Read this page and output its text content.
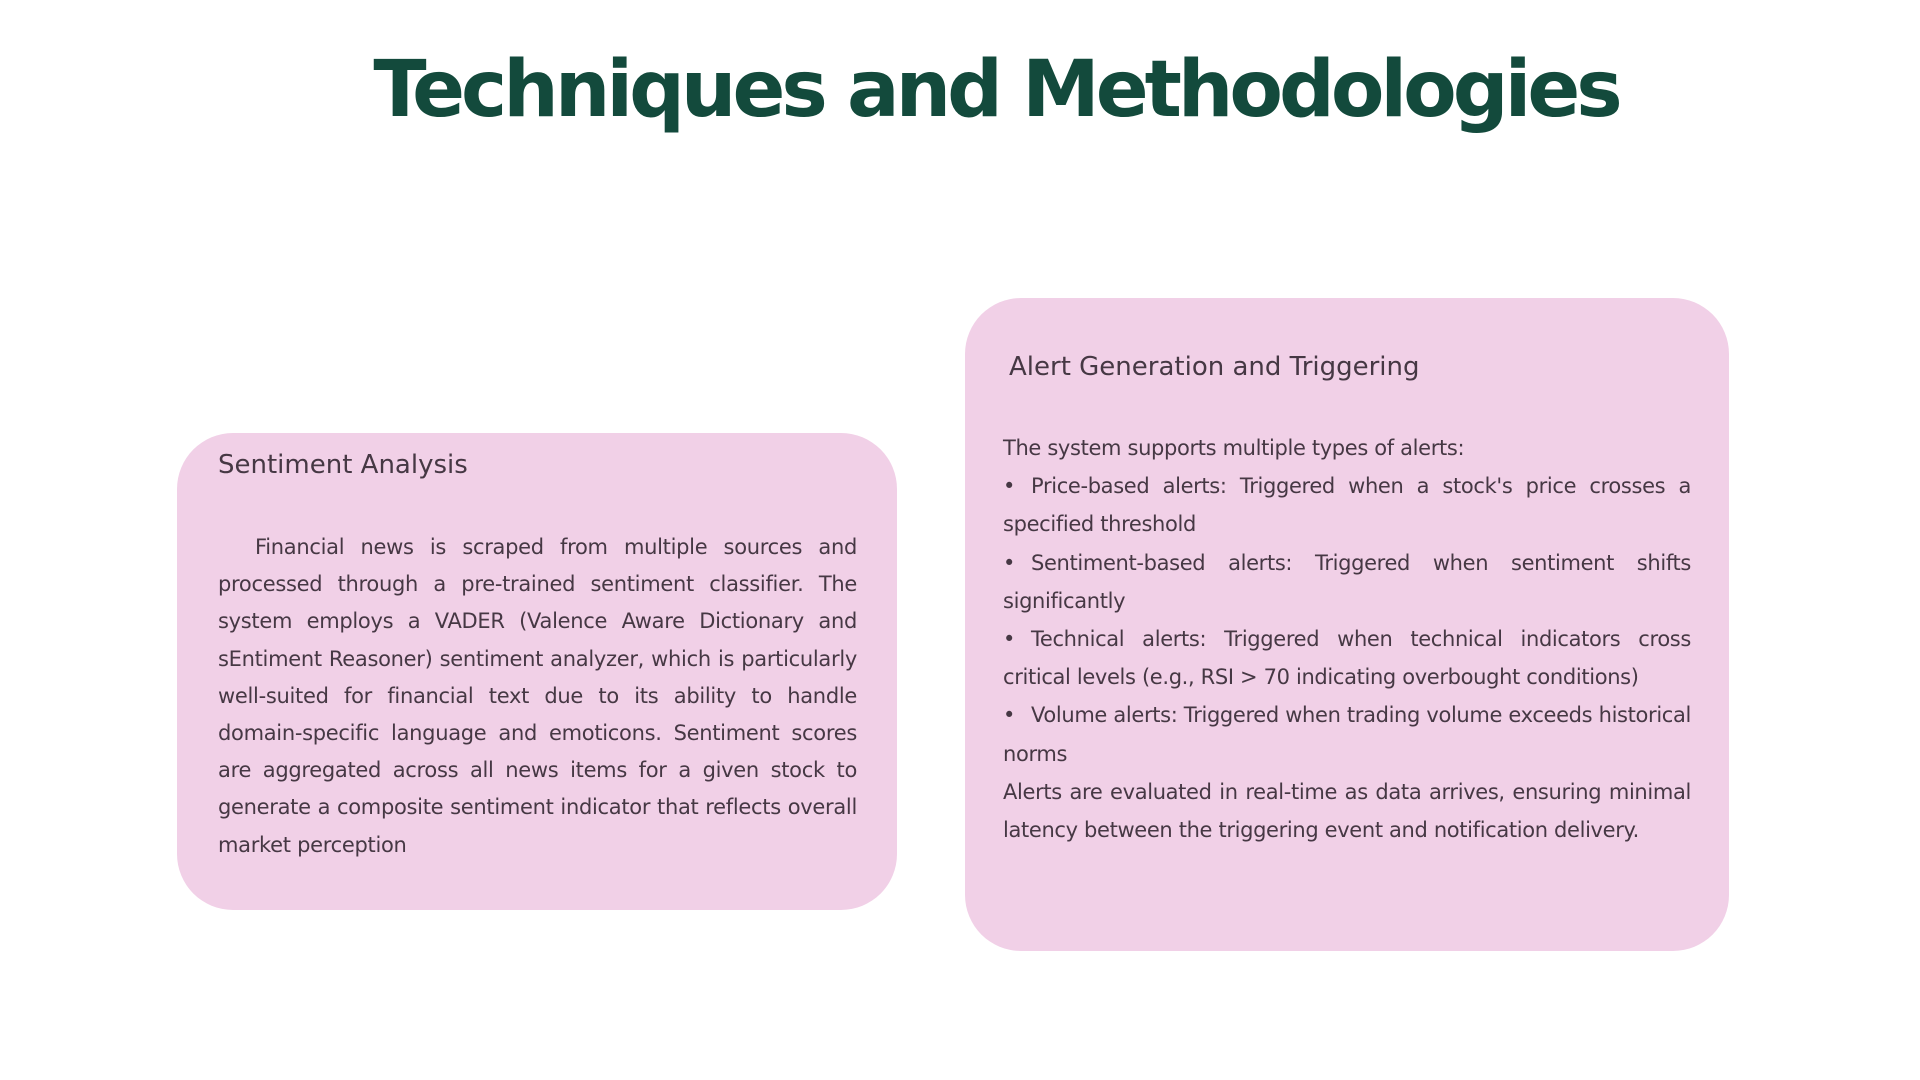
Techniques and Methodologies
Sentiment Analysis

Financial news is scraped from multiple sources and processed through a pre-trained sentiment classifier. The system employs a VADER (Valence Aware Dictionary and sEntiment Reasoner) sentiment analyzer, which is particularly well-suited for financial text due to its ability to handle domain-specific language and emoticons. Sentiment scores are aggregated across all news items for a given stock to generate a composite sentiment indicator that reflects overall market perception

Alert Generation and Triggering

The system supports multiple types of alerts:

• Price-based alerts: Triggered when a stock's price crosses a specified threshold

• Sentiment-based alerts: Triggered when sentiment shifts significantly

• Technical alerts: Triggered when technical indicators cross critical levels (e.g., RSI > 70 indicating overbought conditions)

• Volume alerts: Triggered when trading volume exceeds historical norms

Alerts are evaluated in real-time as data arrives, ensuring minimal latency between the triggering event and notification delivery.
